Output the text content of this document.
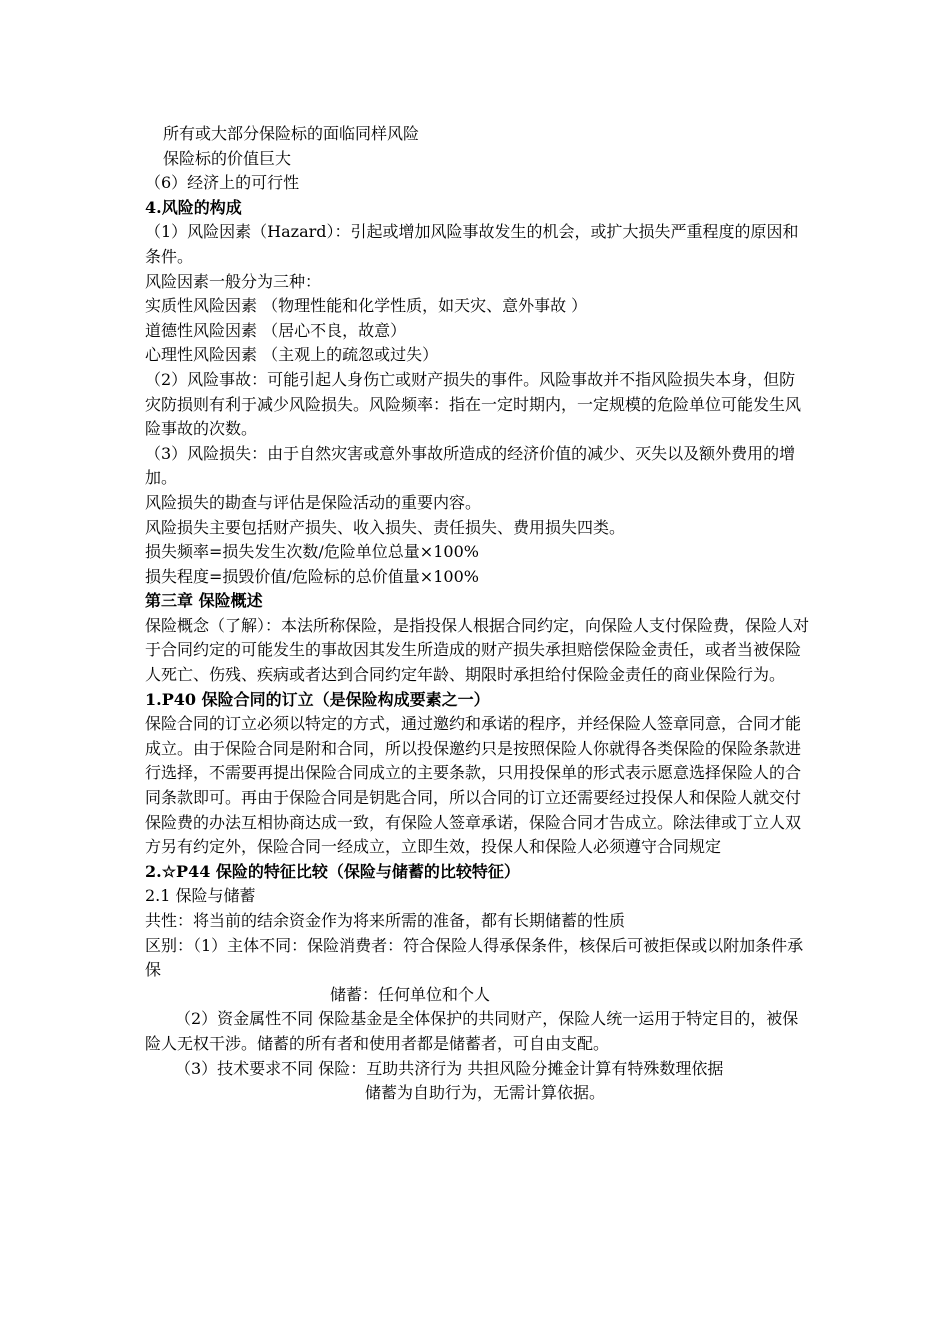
所有或大部分保险标的面临同样风险

保险标的价值巨大

（6）经济上的可行性

4.风险的构成

（1）风险因素（Hazard）：引起或增加风险事故发生的机会，或扩大损失严重程度的原因和条件。

风险因素一般分为三种：

实质性风险因素 （物理性能和化学性质，如天灾、意外事故 ）

道德性风险因素 （居心不良，故意）

心理性风险因素 （主观上的疏忽或过失）

（2）风险事故：可能引起人身伤亡或财产损失的事件。风险事故并不指风险损失本身，但防灾防损则有利于减少风险损失。风险频率：指在一定时期内，一定规模的危险单位可能发生风险事故的次数。

（3）风险损失：由于自然灾害或意外事故所造成的经济价值的减少、灭失以及额外费用的增加。

风险损失的勘查与评估是保险活动的重要内容。

风险损失主要包括财产损失、收入损失、责任损失、费用损失四类。

损失频率=损失发生次数/危险单位总量×100%

损失程度=损毁价值/危险标的总价值量×100%

第三章 保险概述

保险概念（了解）：本法所称保险，是指投保人根据合同约定，向保险人支付保险费，保险人对于合同约定的可能发生的事故因其发生所造成的财产损失承担赔偿保险金责任，或者当被保险人死亡、伤残、疾病或者达到合同约定年龄、期限时承担给付保险金责任的商业保险行为。

1.P40 保险合同的订立（是保险构成要素之一）

保险合同的订立必须以特定的方式，通过邀约和承诺的程序，并经保险人签章同意，合同才能成立。由于保险合同是附和合同，所以投保邀约只是按照保险人你就得各类保险的保险条款进行选择，不需要再提出保险合同成立的主要条款，只用投保单的形式表示愿意选择保险人的合同条款即可。再由于保险合同是钥匙合同，所以合同的订立还需要经过投保人和保险人就交付保险费的办法互相协商达成一致，有保险人签章承诺，保险合同才告成立。除法律或丁立人双方另有约定外，保险合同一经成立，立即生效，投保人和保险人必须遵守合同规定

2.☆P44 保险的特征比较（保险与储蓄的比较特征）

2.1 保险与储蓄

共性：将当前的结余资金作为将来所需的准备，都有长期储蓄的性质

区别：（1）主体不同：保险消费者：符合保险人得承保条件，核保后可被拒保或以附加条件承保

储蓄：任何单位和个人

（2）资金属性不同 保险基金是全体保护的共同财产，保险人统一运用于特定目的，被保险人无权干涉。储蓄的所有者和使用者都是储蓄者，可自由支配。

（3）技术要求不同 保险：互助共济行为 共担风险分摊金计算有特殊数理依据

储蓄为自助行为，无需计算依据。
